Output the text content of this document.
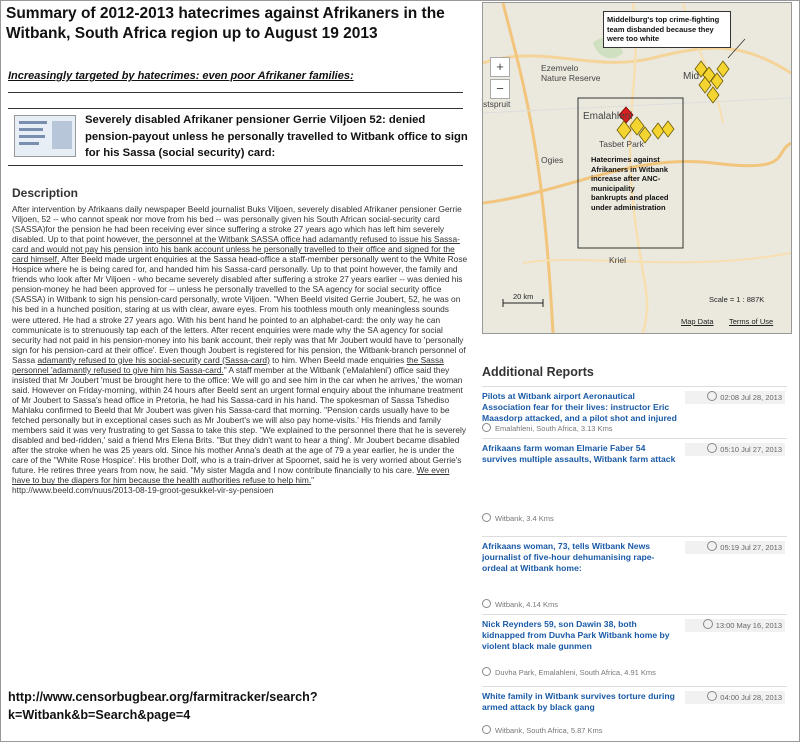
Summary of 2012-2013 hatecrimes against Afrikaners in the Witbank, South Africa region up to August 19 2013
Increasingly targeted by hatecrimes: even poor Afrikaner families:
Severely disabled Afrikaner pensioner Gerrie Viljoen 52: denied pension-payout unless he personally travelled to Witbank office to sign for his Sassa (social security) card:
Description
After intervention by Afrikaans daily newspaper Beeld journalist Buks Viljoen, severely disabled Afrikaner pensioner Gerrie Viljoen, 52 -- who cannot speak nor move from his bed -- was personally given his South African social-security card (SASSA)for the pension he had been receiving ever since suffering a stroke 27 years ago which has left him severely disabled. Up to that point however, the personnel at the Witbank SASSA office had adamantly refused to issue his Sassa-card and would not pay his pension into his bank account unless he personally travelled to their office and signed for the card himself. After Beeld made urgent enquiries at the Sassa head-office a staff-member personally went to the White Rose Hospice where he is being cared for, and handed him his Sassa-card personally. Up to that point however, the family and friends who look after Mr Viljoen - who became severely disabled after suffering a stroke 27 years earlier -- was denied his pension-money he had been approved for -- unless he personally travelled to the SA agency for social security office (SASSA) in Witbank to sign his pension-card personally, wrote Viljoen. "When Beeld visited Gerrie Joubert, 52, he was on his bed in a hunched position, staring at us with clear, aware eyes. From his toothless mouth only meaningless sounds were uttered. He had a stroke 27 years ago. With his bent hand he pointed to an alphabet-card: the only way he can communicate is to strenuously tap each of the letters. After recent enquiries were made why the SA agency for social security had not paid in his pension-money into his bank account, their reply was that Mr Joubert would have to 'personally sign for his pension-card at their office'. Even though Joubert is registered for his pension, the Witbank-branch personnel of Sassa adamantly refused to give his social-security card (Sassa-card) to him. When Beeld made enquiries the Sassa personnel 'adamantly refused to give him his Sassa-card." A staff member at the Witbank ('eMalahleni') office said they insisted that Mr Joubert 'must be brought here to the office: We will go and see him in the car when he arrives,' the woman said. However on Friday-morning, within 24 hours after Beeld sent an urgent formal enquiry about the inhumane treatment of Mr Joubert to Sassa's head office in Pretoria, he had his Sassa-card in his hand. The spokesman of Sassa Tshediso Mahlaku confirmed to Beeld that Mr Joubert was given his Sassa-card that morning. "Pension cards usually have to be fetched personally but in exceptional cases such as Mr Joubert's we will also pay home-visits.' His friends and family members said it was very frustrating to get Sassa to take this step. "We explained to the personnel there that he is severely disabled and bed-ridden,' said a friend Mrs Elena Brits. "But they didn't want to hear a thing'. Mr Joubert became disabled after the stroke when he was 25 years old. Since his mother Anna's death at the age of 79 a year earlier, he is under the care of the "White Rose Hospice'. His brother Dolf, who is a train-driver at Spoornet, said he is very worried about Gerrie's future. He retires three years from now, he said. "My sister Magda and I now contribute financially to his care. We even have to buy the diapers for him because the health authorities refuse to help him."
http://www.beeld.com/nuus/2013-08-19-groot-gesukkel-vir-sy-pensioen
http://www.censorbugbear.org/farmitracker/search?k=Witbank&b=Search&page=4
+
−
Ezemvelo Nature Reserve
stspruit
Emalahleni
Tasbet Park
Ogies
Kriel
Mid
Middelburg's top crime-fighting team disbanded because they were too white
Hatecrimes against Afrikaners in Witbank increase after ANC-municipality bankrupts and placed under administration
20 km	Scale = 1 : 887K
Map Data Terms of Use
Additional Reports
Pilots at Witbank airport Aeronautical Association fear for their lives: instructor Eric Maasdorp attacked, and a pilot shot and injured
02:08 Jul 28, 2013
Emalahleni, South Africa, 3.13 Kms
Afrikaans farm woman Elmarie Faber 54 survives multiple assaults, Witbank farm attack
05:10 Jul 27, 2013
Witbank, 3.4 Kms
Afrikaans woman, 73, tells Witbank News journalist of five-hour dehumanising rape-ordeal at Witbank home:
05:19 Jul 27, 2013
Witbank, 4.14 Kms
Nick Reynders 59, son Dawin 38, both kidnapped from Duvha Park Witbank home by violent black male gunmen
13:00 May 16, 2013
Duvha Park, Emalahleni, South Africa, 4.91 Kms
White family in Witbank survives torture during armed attack by black gang
04:00 Jul 28, 2013
Witbank, South Africa, 5.87 Kms
